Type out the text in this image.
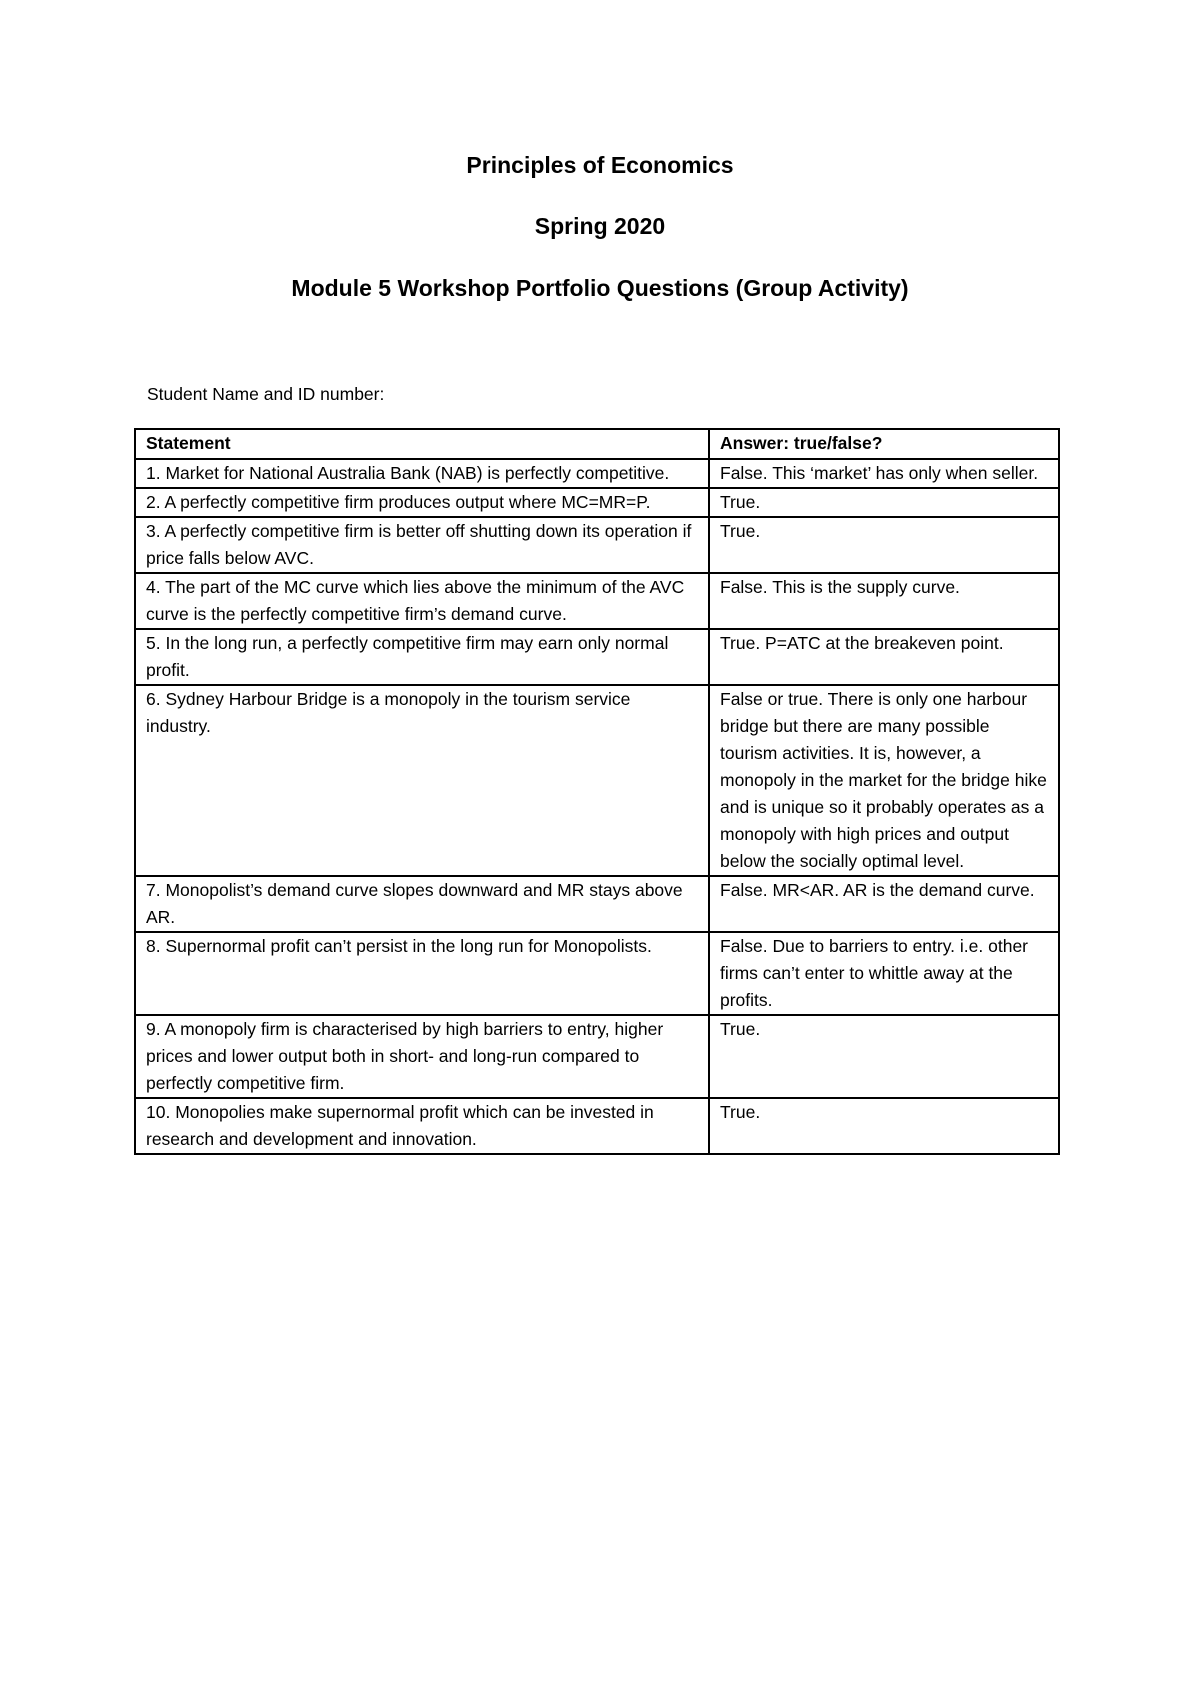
Principles of Economics
Spring 2020
Module 5 Workshop Portfolio Questions (Group Activity)
Student Name and ID number:
Statement	Answer: true/false?
1. Market for National Australia Bank (NAB) is perfectly competitive.	False. This ‘market’ has only when seller.
2. A perfectly competitive firm produces output where MC=MR=P.	True.
3. A perfectly competitive firm is better off shutting down its operation if price falls below AVC.	True.
4. The part of the MC curve which lies above the minimum of the AVC curve is the perfectly competitive firm’s demand curve.	False. This is the supply curve.
5. In the long run, a perfectly competitive firm may earn only normal profit.	True. P=ATC at the breakeven point.
6. Sydney Harbour Bridge is a monopoly in the tourism service industry.	False or true. There is only one harbour bridge but there are many possible tourism activities. It is, however, a monopoly in the market for the bridge hike and is unique so it probably operates as a monopoly with high prices and output below the socially optimal level.
7. Monopolist’s demand curve slopes downward and MR stays above AR.	False. MR<AR. AR is the demand curve.
8. Supernormal profit can’t persist in the long run for Monopolists.	False. Due to barriers to entry. i.e. other firms can’t enter to whittle away at the profits.
9. A monopoly firm is characterised by high barriers to entry, higher prices and lower output both in short- and long-run compared to perfectly competitive firm.	True.
10. Monopolies make supernormal profit which can be invested in research and development and innovation.	True.
